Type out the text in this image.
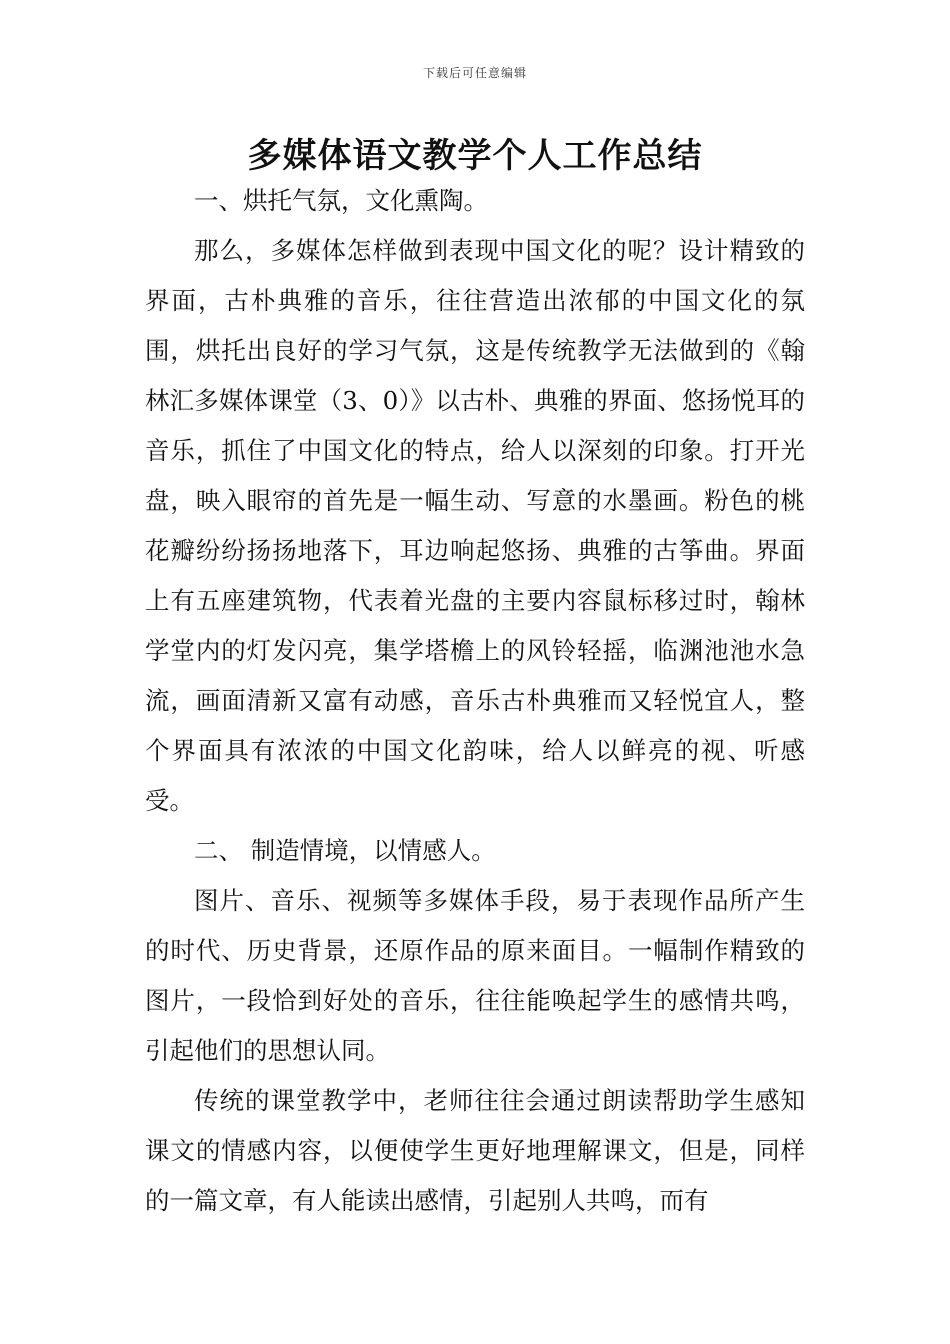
下载后可任意编辑
多媒体语文教学个人工作总结

一、烘托气氛，文化熏陶。

那么，多媒体怎样做到表现中国文化的呢？设计精致的界面，古朴典雅的音乐，往往营造出浓郁的中国文化的氛围，烘托出良好的学习气氛，这是传统教学无法做到的《翰林汇多媒体课堂（3、0）》以古朴、典雅的界面、悠扬悦耳的音乐，抓住了中国文化的特点，给人以深刻的印象。打开光盘，映入眼帘的首先是一幅生动、写意的水墨画。粉色的桃花瓣纷纷扬扬地落下，耳边响起悠扬、典雅的古筝曲。界面上有五座建筑物，代表着光盘的主要内容鼠标移过时，翰林学堂内的灯发闪亮，集学塔檐上的风铃轻摇，临渊池池水急流，画面清新又富有动感，音乐古朴典雅而又轻悦宜人，整个界面具有浓浓的中国文化韵味，给人以鲜亮的视、听感受。

二、 制造情境，以情感人。

图片、音乐、视频等多媒体手段，易于表现作品所产生的时代、历史背景，还原作品的原来面目。一幅制作精致的图片，一段恰到好处的音乐，往往能唤起学生的感情共鸣，引起他们的思想认同。

传统的课堂教学中，老师往往会通过朗读帮助学生感知课文的情感内容，以便使学生更好地理解课文，但是，同样的一篇文章，有人能读出感情，引起别人共鸣，而有
